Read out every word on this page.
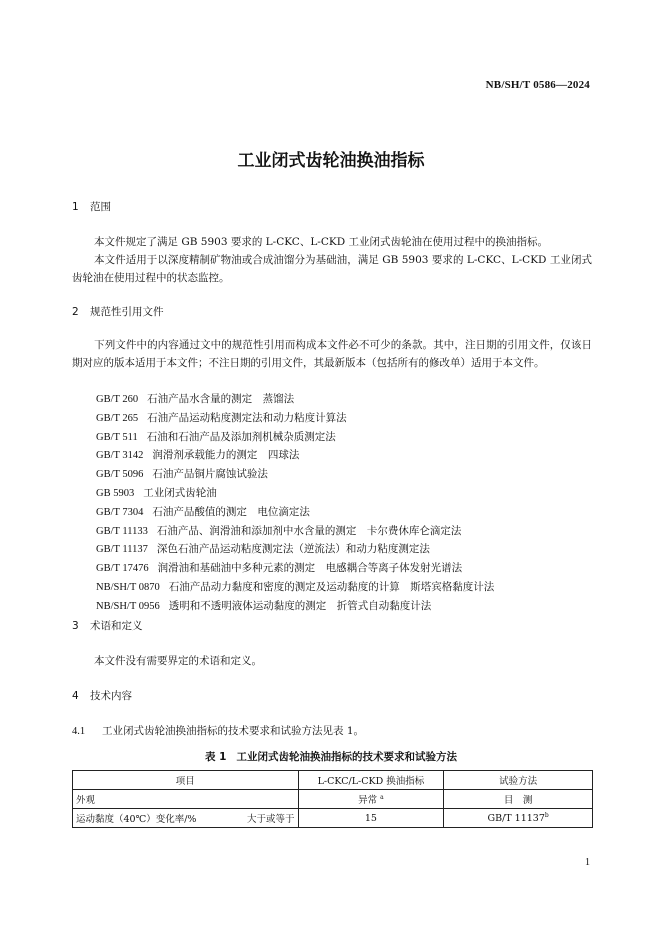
NB/SH/T 0586—2024
工业闭式齿轮油换油指标
1 范围
本文件规定了满足 GB 5903 要求的 L-CKC、L-CKD 工业闭式齿轮油在使用过程中的换油指标。
本文件适用于以深度精制矿物油或合成油馏分为基础油，满足 GB 5903 要求的 L-CKC、L-CKD 工业闭式齿轮油在使用过程中的状态监控。
2 规范性引用文件
下列文件中的内容通过文中的规范性引用而构成本文件必不可少的条款。其中，注日期的引用文件，仅该日期对应的版本适用于本文件；不注日期的引用文件，其最新版本（包括所有的修改单）适用于本文件。
GB/T 260 石油产品水含量的测定　蒸馏法
GB/T 265 石油产品运动粘度测定法和动力粘度计算法
GB/T 511 石油和石油产品及添加剂机械杂质测定法
GB/T 3142 润滑剂承载能力的测定　四球法
GB/T 5096 石油产品铜片腐蚀试验法
GB 5903 工业闭式齿轮油
GB/T 7304 石油产品酸值的测定　电位滴定法
GB/T 11133 石油产品、润滑油和添加剂中水含量的测定　卡尔费休库仑滴定法
GB/T 11137 深色石油产品运动粘度测定法（逆流法）和动力粘度测定法
GB/T 17476 润滑油和基础油中多种元素的测定　电感耦合等离子体发射光谱法
NB/SH/T 0870 石油产品动力黏度和密度的测定及运动黏度的计算　斯塔宾格黏度计法
NB/SH/T 0956 透明和不透明液体运动黏度的测定　折管式自动黏度计法
3 术语和定义
本文件没有需要界定的术语和定义。
4 技术内容
4.1 工业闭式齿轮油换油指标的技术要求和试验方法见表 1。
表 1 工业闭式齿轮油换油指标的技术要求和试验方法
项目	L-CKC/L-CKD 换油指标	试验方法

外观	异常 $^a$	目　测

运动黏度（40℃）变化率/% 大于或等于	15	GB/T 11137$^b$
1
